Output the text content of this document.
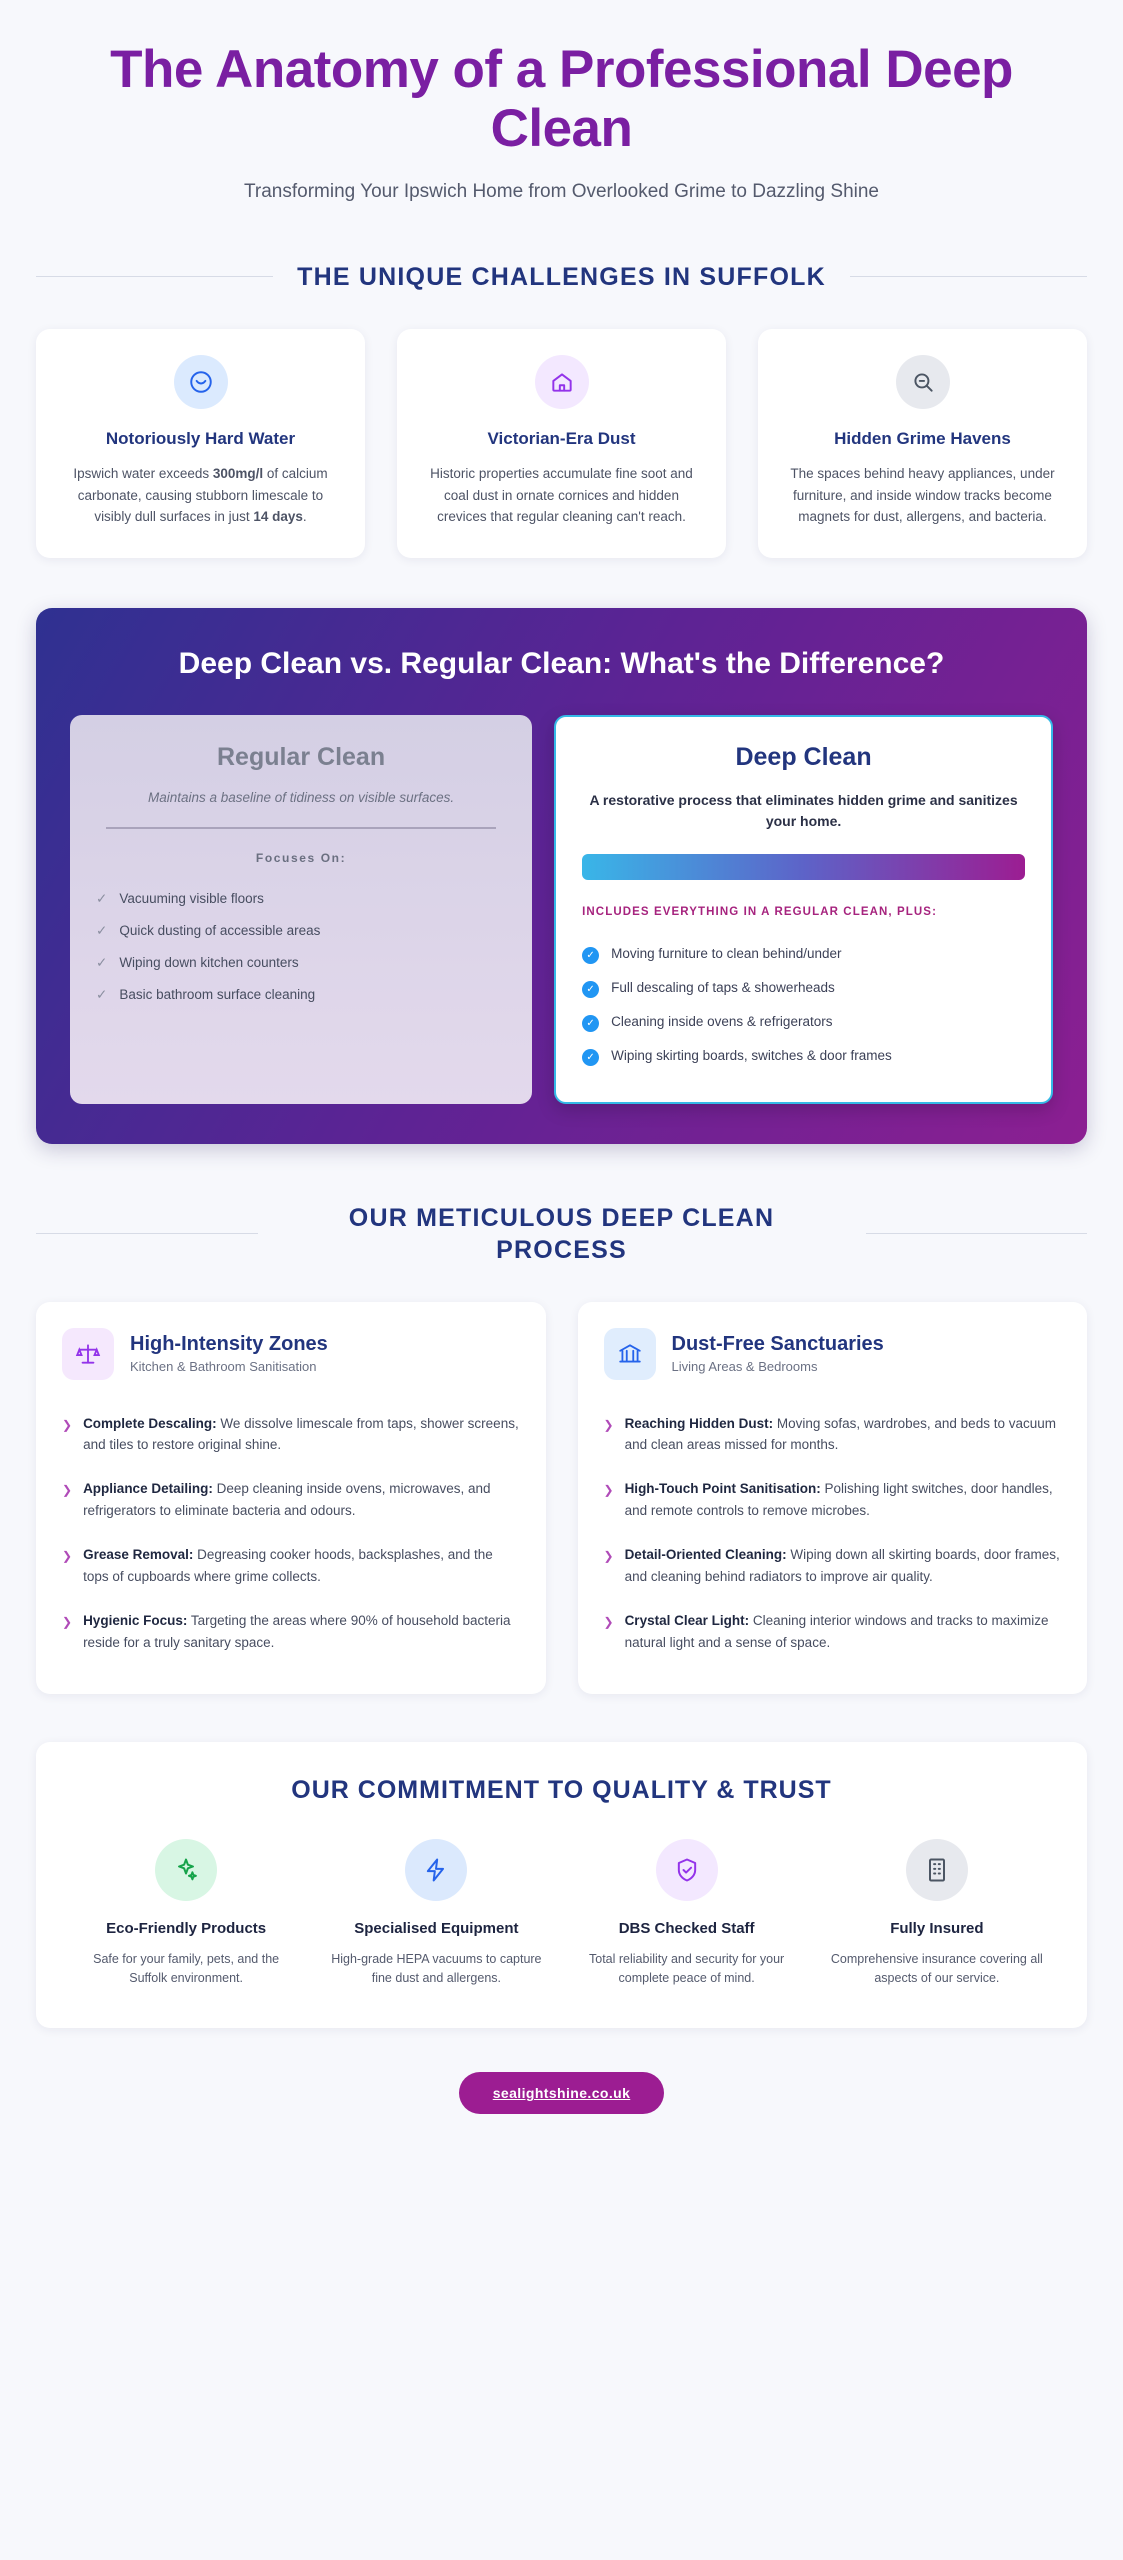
The Anatomy of a Professional Deep Clean

Transforming Your Ipswich Home from Overlooked Grime to Dazzling Shine

THE UNIQUE CHALLENGES IN SUFFOLK
Notoriously Hard Water

Ipswich water exceeds 300mg/l of calcium carbonate, causing stubborn limescale to visibly dull surfaces in just 14 days.

Victorian-Era Dust

Historic properties accumulate fine soot and coal dust in ornate cornices and hidden crevices that regular cleaning can't reach.

Hidden Grime Havens

The spaces behind heavy appliances, under furniture, and inside window tracks become magnets for dust, allergens, and bacteria.

Deep Clean vs. Regular Clean: What's the Difference?
Regular Clean
Maintains a baseline of tidiness on visible surfaces.
Focuses On:
✓ Vacuuming visible floors
✓ Quick dusting of accessible areas
✓ Wiping down kitchen counters
✓ Basic bathroom surface cleaning
Deep Clean
A restorative process that eliminates hidden grime and sanitizes your home.
INCLUDES EVERYTHING IN A REGULAR CLEAN, PLUS:
✓	Moving furniture to clean behind/under
✓	Full descaling of taps & showerheads
✓	Cleaning inside ovens & refrigerators
✓	Wiping skirting boards, switches & door frames
OUR METICULOUS DEEP CLEAN PROCESS
High-Intensity Zones
Kitchen & Bathroom Sanitisation
❯ Complete Descaling: We dissolve limescale from taps, shower screens, and tiles to restore original shine.
❯ Appliance Detailing: Deep cleaning inside ovens, microwaves, and refrigerators to eliminate bacteria and odours.
❯ Grease Removal: Degreasing cooker hoods, backsplashes, and the tops of cupboards where grime collects.
❯ Hygienic Focus: Targeting the areas where 90% of household bacteria reside for a truly sanitary space.
Dust-Free Sanctuaries
Living Areas & Bedrooms
❯ Reaching Hidden Dust: Moving sofas, wardrobes, and beds to vacuum and clean areas missed for months.
❯ High-Touch Point Sanitisation: Polishing light switches, door handles, and remote controls to remove microbes.
❯ Detail-Oriented Cleaning: Wiping down all skirting boards, door frames, and cleaning behind radiators to improve air quality.
❯ Crystal Clear Light: Cleaning interior windows and tracks to maximize natural light and a sense of space.
OUR COMMITMENT TO QUALITY & TRUST
Eco-Friendly Products

Safe for your family, pets, and the Suffolk environment.

Specialised Equipment

High-grade HEPA vacuums to capture fine dust and allergens.

DBS Checked Staff

Total reliability and security for your complete peace of mind.

Fully Insured

Comprehensive insurance covering all aspects of our service.

sealightshine.co.uk
